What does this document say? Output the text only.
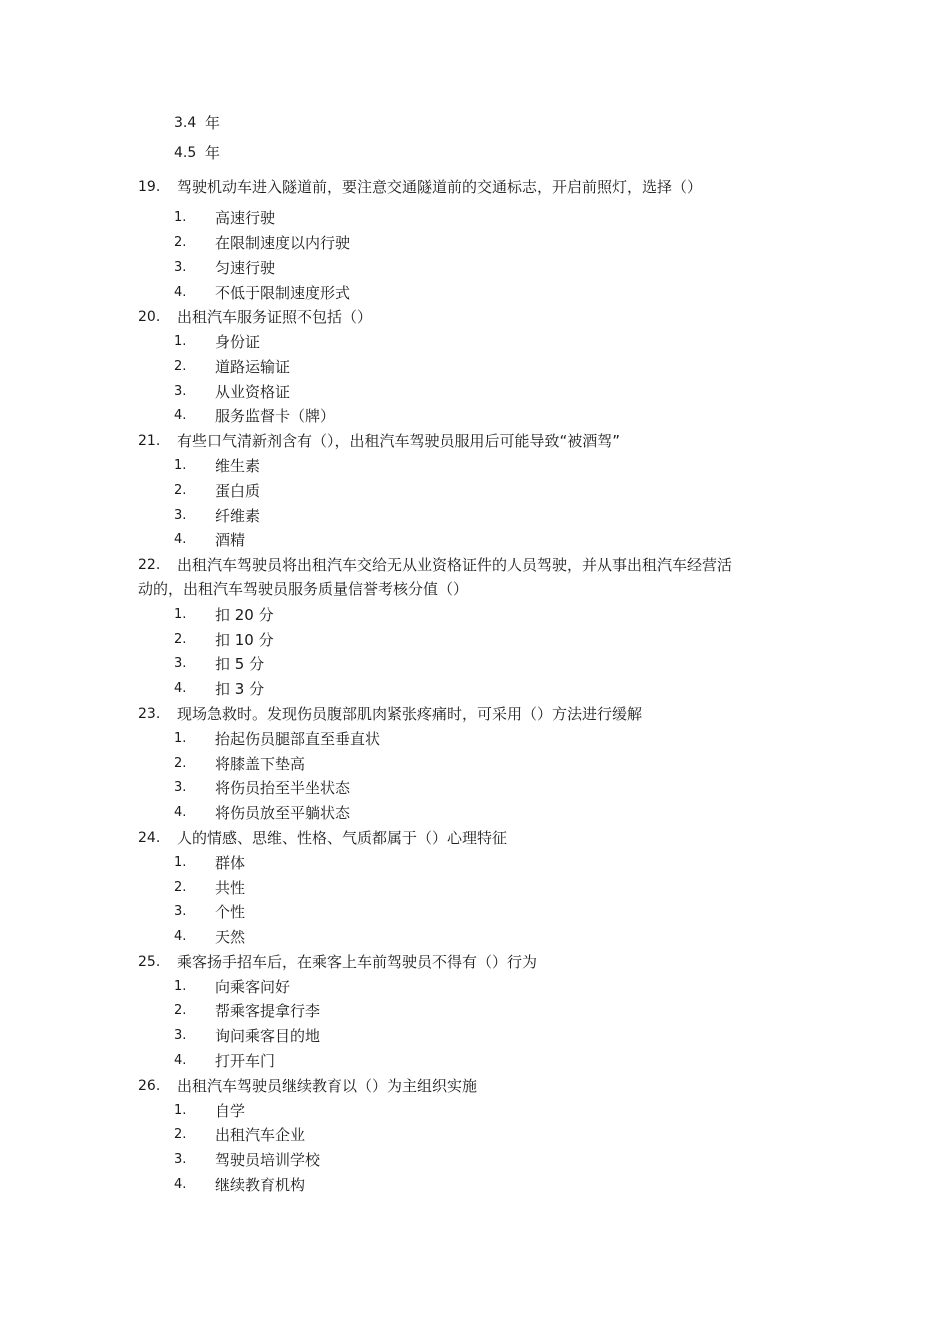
3.4 年
4.5 年
19. 驾驶机动车进入隧道前，要注意交通隧道前的交通标志，开启前照灯，选择（）
1. 高速行驶
2. 在限制速度以内行驶
3. 匀速行驶
4. 不低于限制速度形式
20. 出租汽车服务证照不包括（）
1. 身份证
2. 道路运输证
3. 从业资格证
4. 服务监督卡（牌）
21. 有些口气清新剂含有（），出租汽车驾驶员服用后可能导致“被酒驾”
1. 维生素
2. 蛋白质
3. 纤维素
4. 酒精
22. 出租汽车驾驶员将出租汽车交给无从业资格证件的人员驾驶，并从事出租汽车经营活
动的，出租汽车驾驶员服务质量信誉考核分值（）
1. 扣 20 分
2. 扣 10 分
3. 扣 5 分
4. 扣 3 分
23. 现场急救时。发现伤员腹部肌肉紧张疼痛时，可采用（）方法进行缓解
1. 抬起伤员腿部直至垂直状
2. 将膝盖下垫高
3. 将伤员抬至半坐状态
4. 将伤员放至平躺状态
24. 人的情感、思维、性格、气质都属于（）心理特征
1. 群体
2. 共性
3. 个性
4. 天然
25. 乘客扬手招车后，在乘客上车前驾驶员不得有（）行为
1. 向乘客问好
2. 帮乘客提拿行李
3. 询问乘客目的地
4. 打开车门
26. 出租汽车驾驶员继续教育以（）为主组织实施
1. 自学
2. 出租汽车企业
3. 驾驶员培训学校
4. 继续教育机构
